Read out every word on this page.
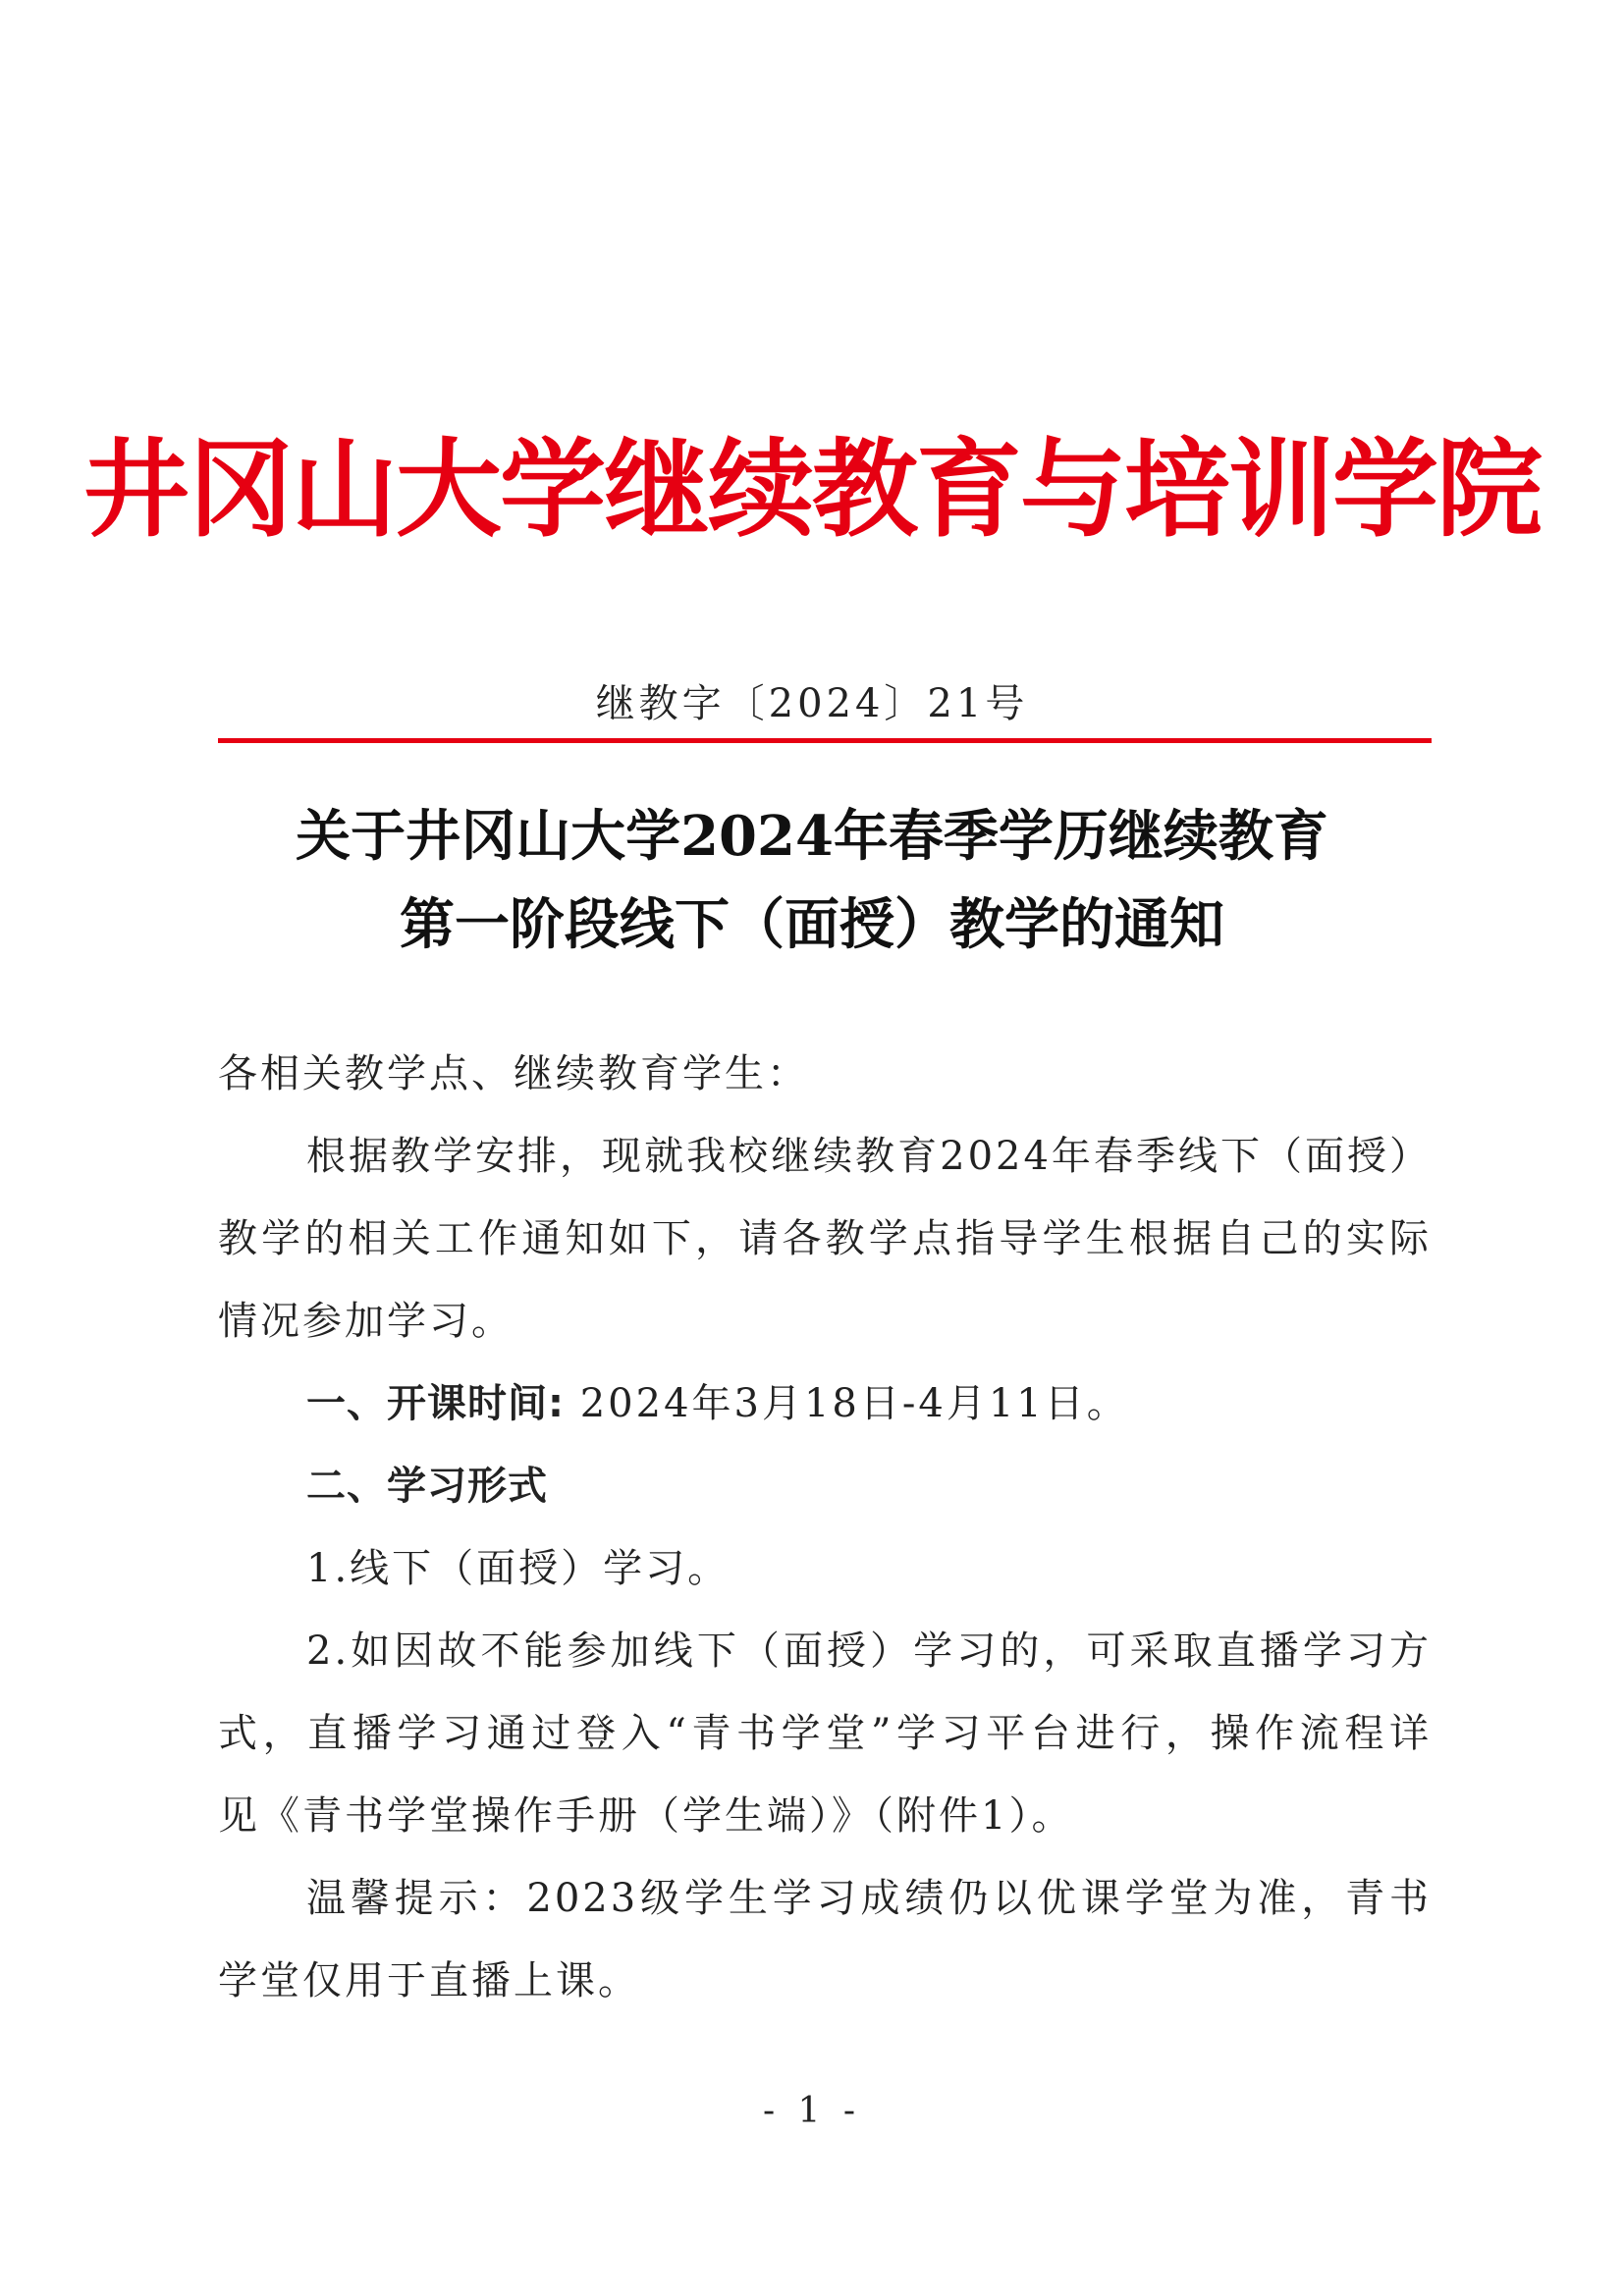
井冈山大学继续教育与培训学院
继教字〔2024〕21号
关于井冈山大学2024年春季学历继续教育
第一阶段线下（面授）教学的通知
各相关教学点、继续教育学生：
根据教学安排，现就我校继续教育2024年春季线下（面授）
教学的相关工作通知如下，请各教学点指导学生根据自己的实际
情况参加学习。
一、开课时间: 2024年3月18日-4月11日。
二、学习形式
1.线下（面授）学习。
2.如因故不能参加线下（面授）学习的，可采取直播学习方
式，直播学习通过登入“青书学堂”学习平台进行，操作流程详
见《青书学堂操作手册（学生端）》（附件1）。
温馨提示：2023级学生学习成绩仍以优课学堂为准，青书
学堂仅用于直播上课。
- 1 -
